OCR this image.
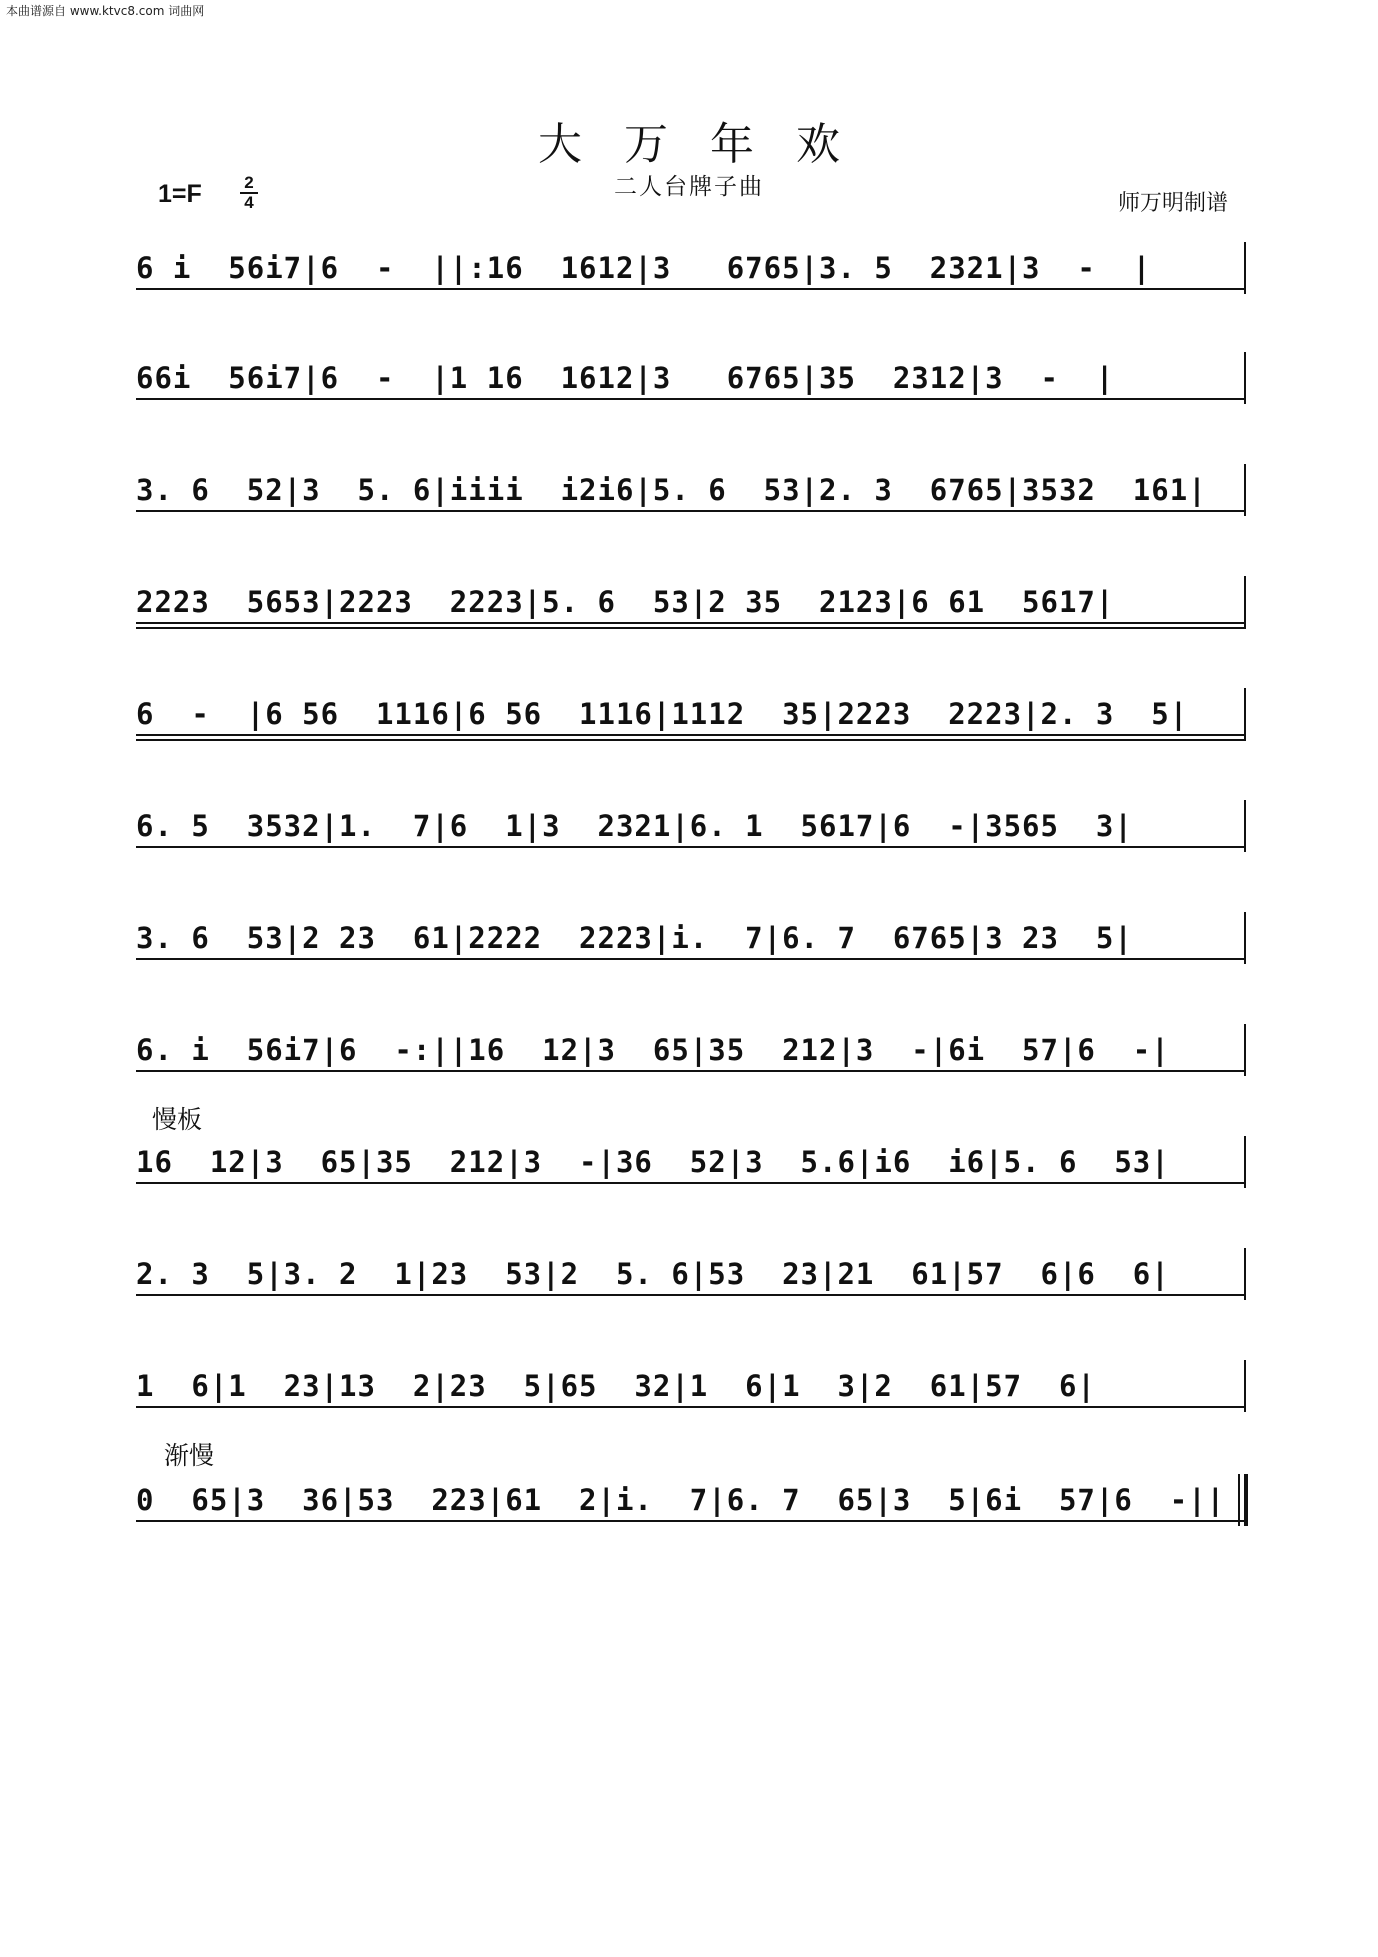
本曲谱源自 www.ktvc8.com 词曲网
大万年欢
二人台牌子曲
1=F	2
4	师万明制谱
6 i  56i7|6  -  ||:16  1612|3   6765|3. 5  2321|3  -  |
66i  56i7|6  -  |1 16  1612|3   6765|35  2312|3  -  |
3. 6  52|3  5. 6|iiii  i2i6|5. 6  53|2. 3  6765|3532  161|
2223  5653|2223  2223|5. 6  53|2 35  2123|6 61  5617|
6  -  |6 56  1116|6 56  1116|1112  35|2223  2223|2. 3  5|
6. 5  3532|1.  7|6  1|3  2321|6. 1  5617|6  -|3565  3|
3. 6  53|2 23  61|2222  2223|i.  7|6. 7  6765|3 23  5|
6. i  56i7|6  -:||16  12|3  65|35  212|3  -|6i  57|6  -|
慢板
16  12|3  65|35  212|3  -|36  52|3  5.6|i6  i6|5. 6  53|
2. 3  5|3. 2  1|23  53|2  5. 6|53  23|21  61|57  6|6  6|
1  6|1  23|13  2|23  5|65  32|1  6|1  3|2  61|57  6|
渐慢
0  65|3  36|53  223|61  2|i.  7|6. 7  65|3  5|6i  57|6  -||
